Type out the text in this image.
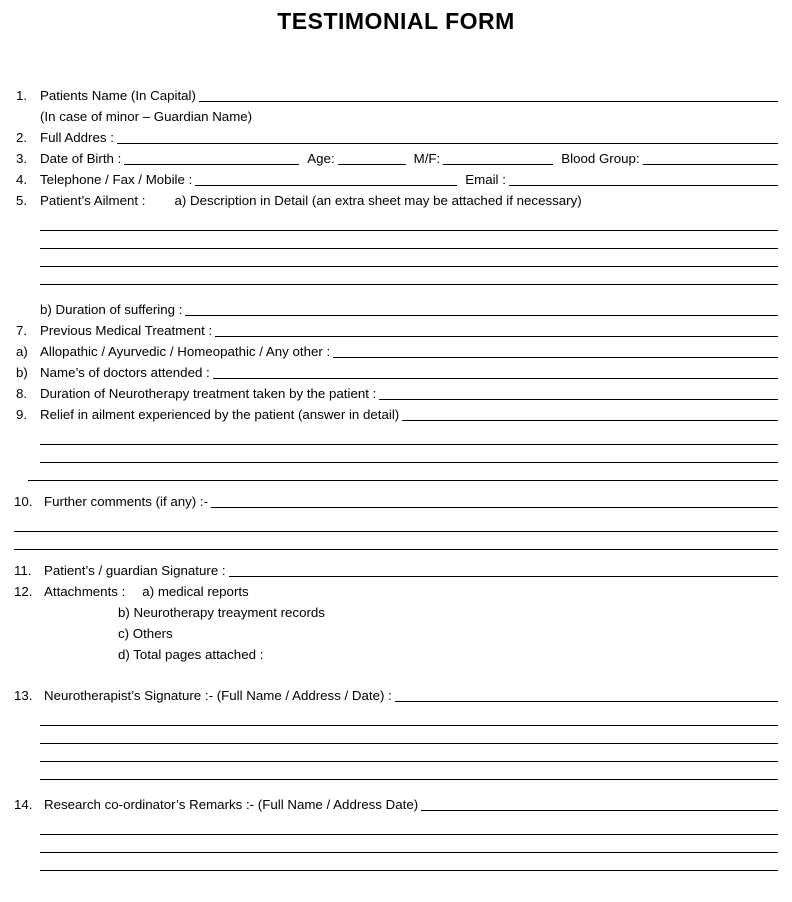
TESTIMONIAL FORM
1. Patients Name (In Capital)
(In case of minor – Guardian Name)
2. Full Addres :
3. Date of Birth :	Age:	M/F:	Blood Group:
4. Telephone / Fax / Mobile :	Email :
5. Patient’s Ailment :	a) Description in Detail (an extra sheet may be attached if necessary)
b) Duration of suffering :
7. Previous Medical Treatment :
a) Allopathic / Ayurvedic / Homeopathic / Any other :
b) Name’s of doctors attended :
8. Duration of Neurotherapy treatment taken by the patient :
9. Relief in ailment experienced by the patient (answer in detail)
10. Further comments (if any) :-
11. Patient’s / guardian Signature :
12. Attachments :	a) medical reports
b) Neurotherapy treayment records
c) Others
d) Total pages attached :
13. Neurotherapist’s Signature :- (Full Name / Address / Date) :
14. Research co-ordinator’s Remarks :- (Full Name / Address Date)
